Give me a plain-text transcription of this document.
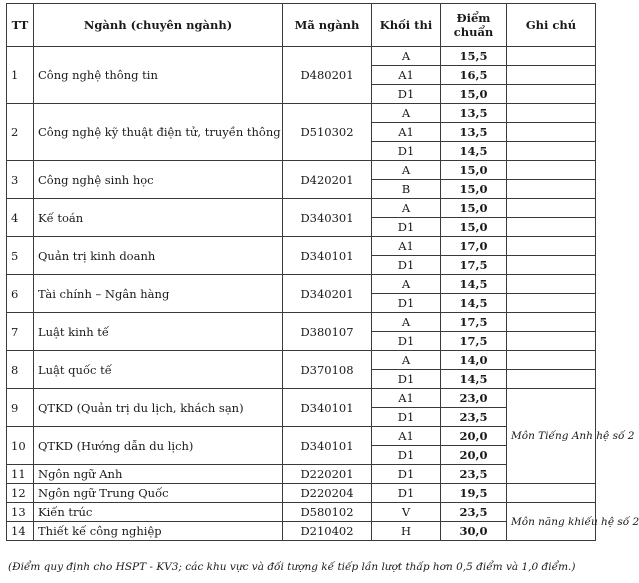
TT	Ngành (chuyên ngành)	Mã ngành	Khối thi	Điểm chuẩn	Ghi chú
1	Công nghệ thông tin	D480201	A	15,5	
			A1	16,5	
			D1	15,0	
2	Công nghệ kỹ thuật điện tử, truyền thông	D510302	A	13,5	
			A1	13,5	
			D1	14,5	
3	Công nghệ sinh học	D420201	A	15,0	
			B	15,0	
4	Kế toán	D340301	A	15,0	
			D1	15,0	
5	Quản trị kinh doanh	D340101	A1	17,0	
			D1	17,5	
6	Tài chính – Ngân hàng	D340201	A	14,5	
			D1	14,5	
7	Luật kinh tế	D380107	A	17,5	
			D1	17,5	
8	Luật quốc tế	D370108	A	14,0	
			D1	14,5	
9	QTKD (Quản trị du lịch, khách sạn)	D340101	A1	23,0	Môn Tiếng Anh hệ số 2
			D1	23,5	
10	QTKD (Hướng dẫn du lịch)	D340101	A1	20,0	
			D1	20,0	
11	Ngôn ngữ Anh	D220201	D1	23,5	
12	Ngôn ngữ Trung Quốc	D220204	D1	19,5	
13	Kiến trúc	D580102	V	23,5	Môn năng khiếu hệ số 2
14	Thiết kế công nghiệp	D210402	H	30,0	
(Điểm quy định cho HSPT - KV3; các khu vực và đối tượng kế tiếp lần lượt thấp hơn 0,5 điểm và 1,0 điểm.)
